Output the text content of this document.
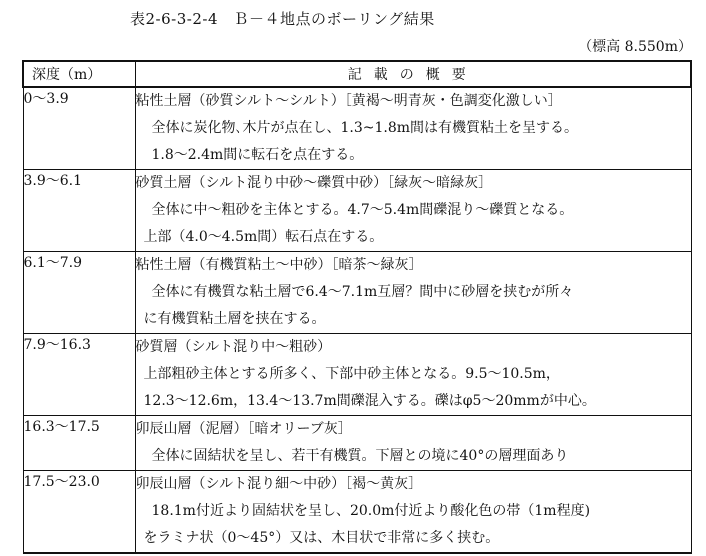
表2-6-3-2-4　Ｂ－４地点のボーリング結果
（標高 8.550m）
深度（m）	記載の概要
0～3.9	粘性土層（砂質シルト～シルト）［黄褐～明青灰・色調変化激しい］
全体に炭化物､木片が点在し、1.3~1.8m間は有機質粘土を呈する。
1.8～2.4m間に転石を点在する。

3.9～6.1	砂質土層（シルト混り中砂～礫質中砂）［緑灰～暗緑灰］
全体に中～粗砂を主体とする。4.7～5.4m間礫混り～礫質となる。
上部（4.0～4.5m間）転石点在する。

6.1～7.9	粘性土層（有機質粘土～中砂）［暗茶～緑灰］
全体に有機質な粘土層で6.4～7.1m互層？間中に砂層を挟むが所々
に有機質粘土層を挟在する。

7.9～16.3	砂質層（シルト混り中～粗砂）
上部粗砂主体とする所多く、下部中砂主体となる。9.5～10.5m，
12.3～12.6m，13.4～13.7m間礫混入する。礫はφ5～20mmが中心。

16.3～17.5	卯辰山層（泥層）［暗オリーブ灰］
全体に固結状を呈し、若干有機質。下層との境に40°の層理面あり

17.5～23.0	卯辰山層（シルト混り細～中砂）［褐～黄灰］
18.1m付近より固結状を呈し、20.0m付近より酸化色の帯（1m程度)
をラミナ状（0～45°）又は、木目状で非常に多く挟む。
